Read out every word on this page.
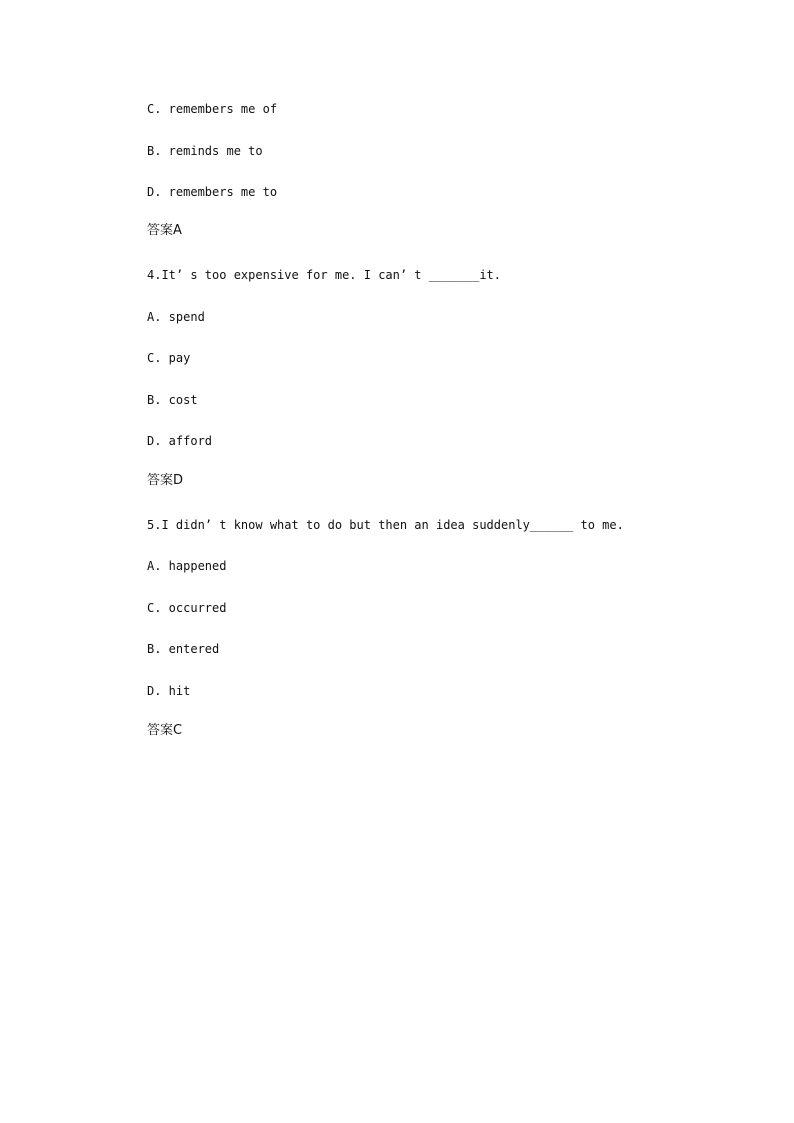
C. remembers me of
B. reminds me to
D. remembers me to
答案A
4.It’ s too expensive for me. I can’ t _______it.
A. spend
C. pay
B. cost
D. afford
答案D
5.I didn’ t know what to do but then an idea suddenly______ to me.
A. happened
C. occurred
B. entered
D. hit
答案C
